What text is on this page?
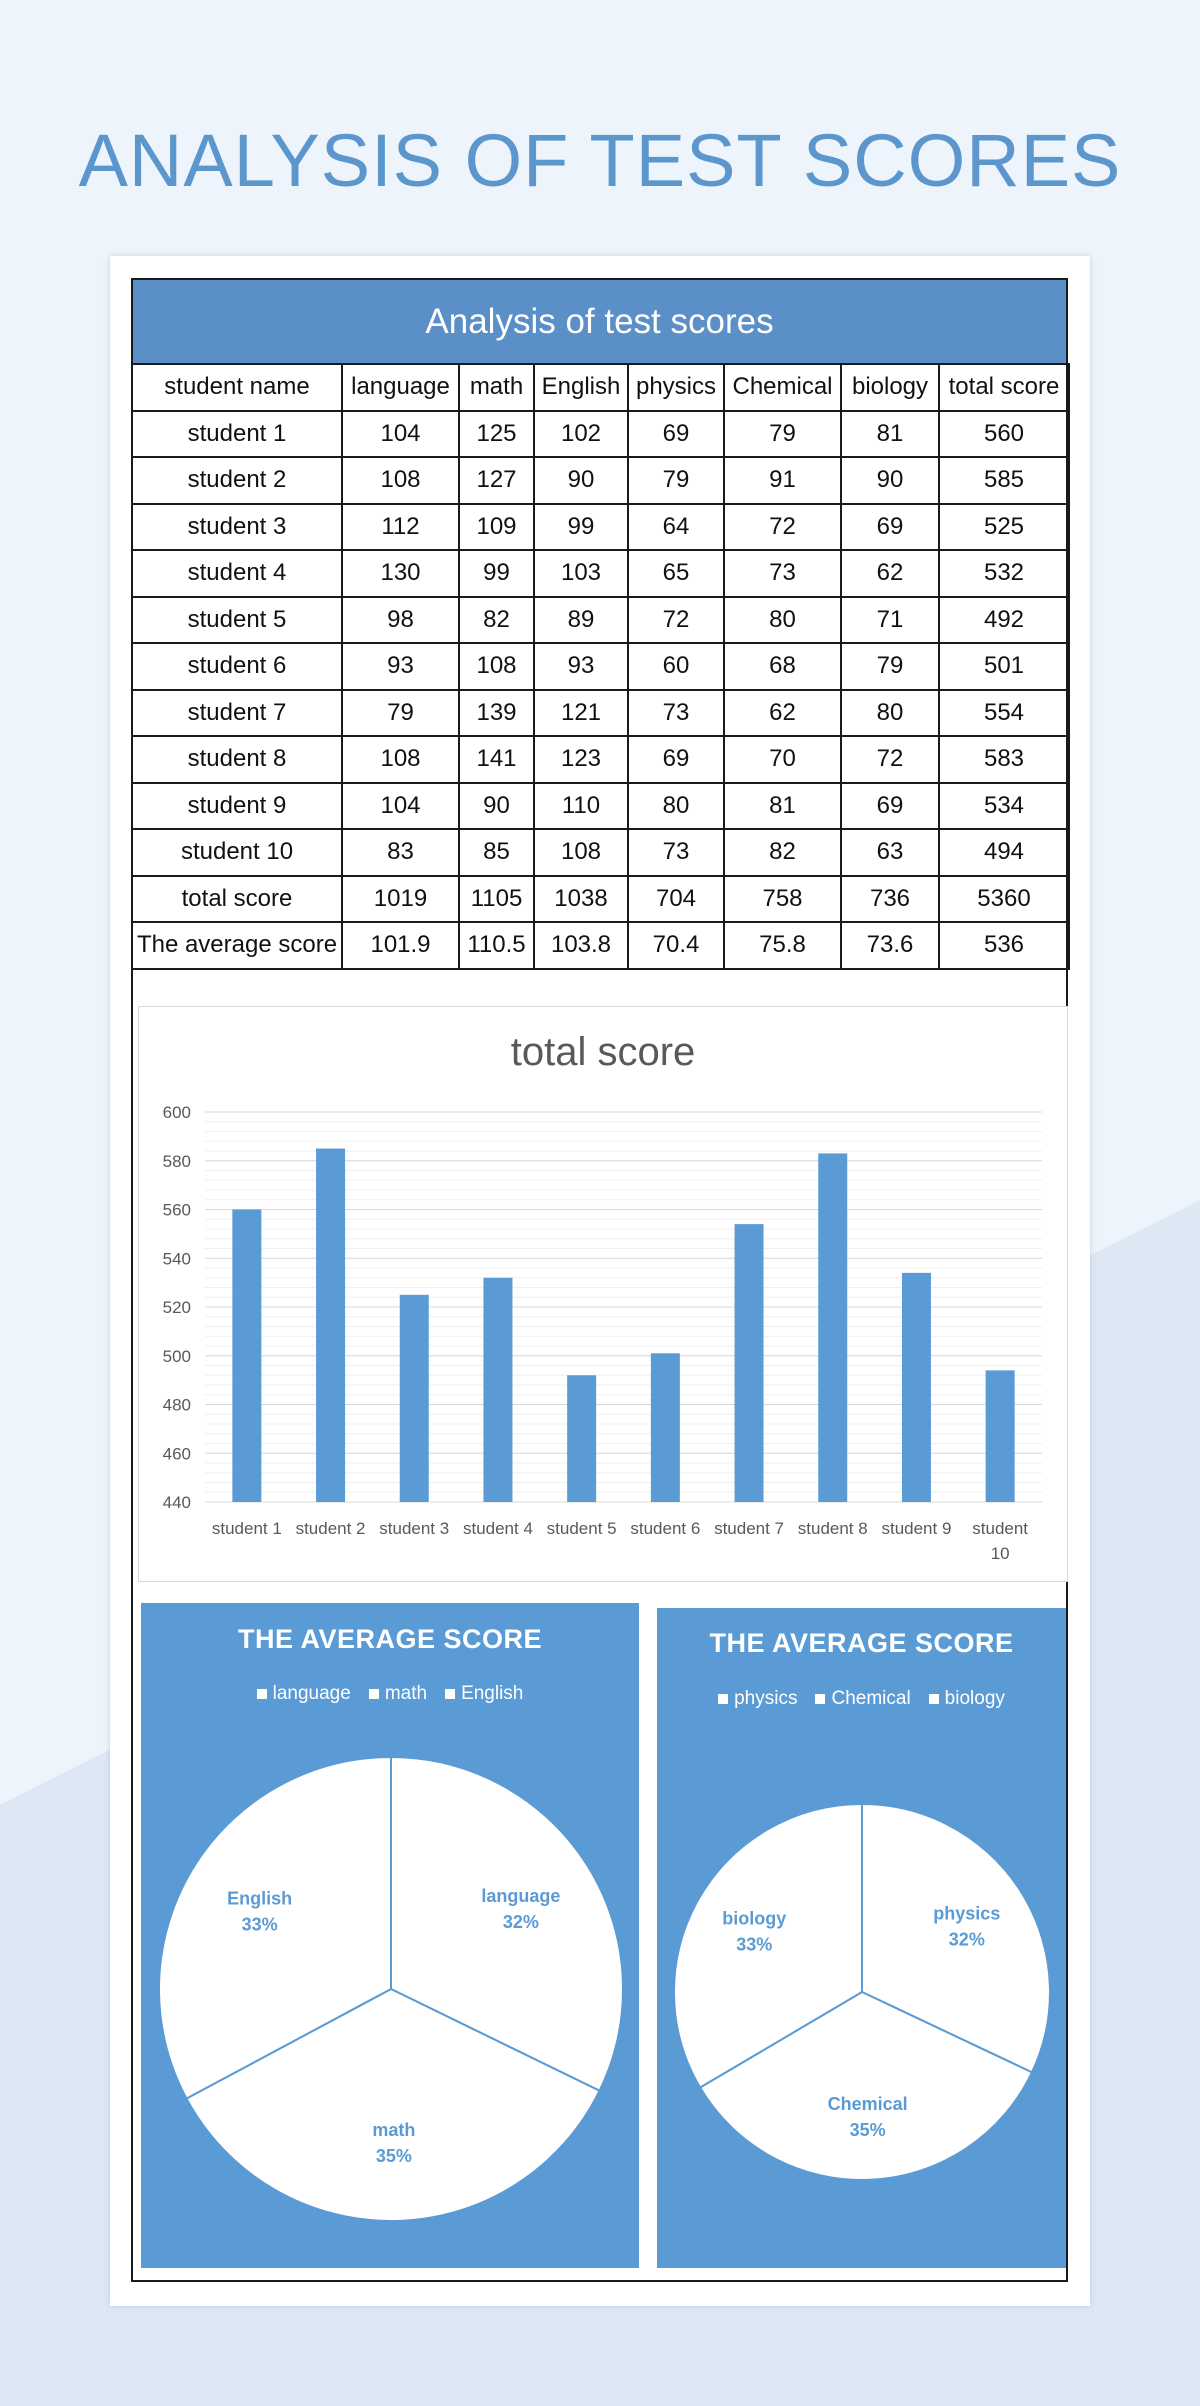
ANALYSIS OF TEST SCORES
Analysis of test scores
student name	language	math	English	physics	Chemical	biology	total score
student 1	104	125	102	69	79	81	560
student 2	108	127	90	79	91	90	585
student 3	112	109	99	64	72	69	525
student 4	130	99	103	65	73	62	532
student 5	98	82	89	72	80	71	492
student 6	93	108	93	60	68	79	501
student 7	79	139	121	73	62	80	554
student 8	108	141	123	69	70	72	583
student 9	104	90	110	80	81	69	534
student 10	83	85	108	73	82	63	494
total score	1019	1105	1038	704	758	736	5360
The average score	101.9	110.5	103.8	70.4	75.8	73.6	536
total score
440
460
480
500
520
540
560
580
600
student 1 student 2 student 3 student 4 student 5 student 6 student 7 student 8 student 9 student
10
THE AVERAGE SCORE
language math English
language
32%
math
35%
English
33%
THE AVERAGE SCORE
physics Chemical biology
physics
32%
Chemical
35%
biology
33%
